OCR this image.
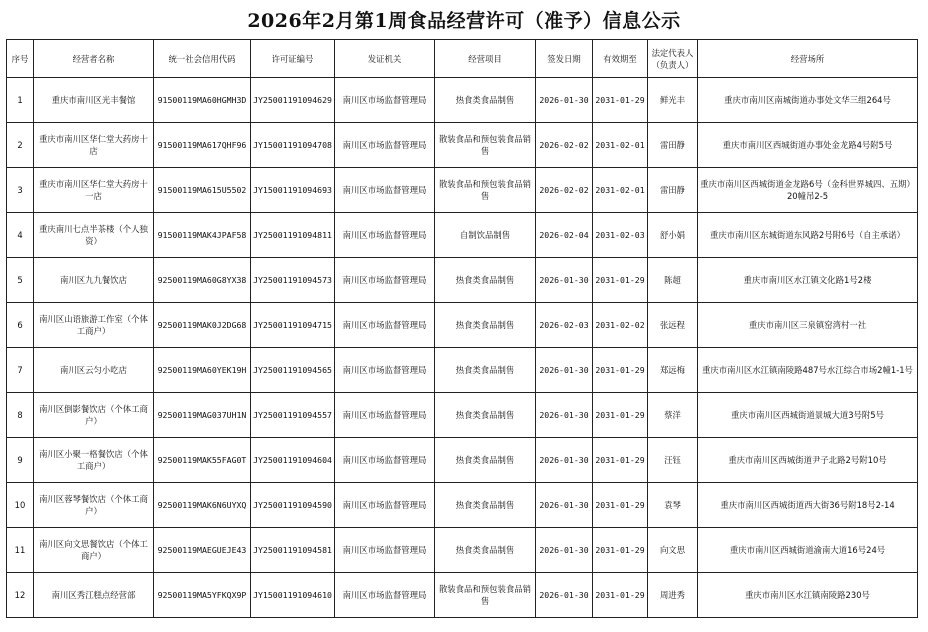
2026年2月第1周食品经营许可（准予）信息公示
序号	经营者名称	统一社会信用代码	许可证编号	发证机关	经营项目	签发日期	有效期至	法定代表人（负责人）	经营场所
1	重庆市南川区光丰餐馆	91500119MA60HGMH3D	JY25001191094629	南川区市场监督管理局	热食类食品制售	2026-01-30	2031-01-29	鲜光丰	重庆市南川区南城街道办事处文华三组264号
2	重庆市南川区华仁堂大药房十店	91500119MA617QHF96	JY15001191094708	南川区市场监督管理局	散装食品和预包装食品销售	2026-02-02	2031-02-01	雷田静	重庆市南川区西城街道办事处金龙路4号附5号
3	重庆市南川区华仁堂大药房十一店	91500119MA615U5502	JY15001191094693	南川区市场监督管理局	散装食品和预包装食品销售	2026-02-02	2031-02-01	雷田静	重庆市南川区西城街道金龙路6号（金科世界城四、五期）20幢吊2-5
4	重庆南川七点半茶楼（个人独资）	91500119MAK4JPAF58	JY25001191094811	南川区市场监督管理局	自制饮品制售	2026-02-04	2031-02-03	舒小娟	重庆市南川区东城街道东风路2号附6号（自主承诺）
5	南川区九九餐饮店	92500119MA60G8YX38	JY25001191094573	南川区市场监督管理局	热食类食品制售	2026-01-30	2031-01-29	陈超	重庆市南川区水江镇文化路1号2楼
6	南川区山语旅游工作室（个体工商户）	92500119MAK0J2DG68	JY25001191094715	南川区市场监督管理局	热食类食品制售	2026-02-03	2031-02-02	张远程	重庆市南川区三泉镇窑湾村一社
7	南川区云匀小吃店	92500119MA60YEK19H	JY25001191094565	南川区市场监督管理局	热食类食品制售	2026-01-30	2031-01-29	郑远梅	重庆市南川区水江镇南陵路487号水江综合市场2幢1-1号
8	南川区倒影餐饮店（个体工商户）	92500119MAG037UH1N	JY25001191094557	南川区市场监督管理局	热食类食品制售	2026-01-30	2031-01-29	蔡洋	重庆市南川区西城街道景城大道3号附5号
9	南川区小聚一格餐饮店（个体工商户）	92500119MAK55FAG0T	JY25001191094604	南川区市场监督管理局	热食类食品制售	2026-01-30	2031-01-29	汪钰	重庆市南川区西城街道尹子北路2号附10号
10	南川区蓉琴餐饮店（个体工商户）	92500119MAK6N6UYXQ	JY25001191094590	南川区市场监督管理局	热食类食品制售	2026-01-30	2031-01-29	袁琴	重庆市南川区西城街道西大街36号附18号2-14
11	南川区向文思餐饮店（个体工商户）	92500119MAEGUEJE43	JY25001191094581	南川区市场监督管理局	热食类食品制售	2026-01-30	2031-01-29	向文思	重庆市南川区西城街道渝南大道16号24号
12	南川区秀江糕点经营部	92500119MA5YFKQX9P	JY15001191094610	南川区市场监督管理局	散装食品和预包装食品销售	2026-01-30	2031-01-29	周进秀	重庆市南川区水江镇南陵路230号
